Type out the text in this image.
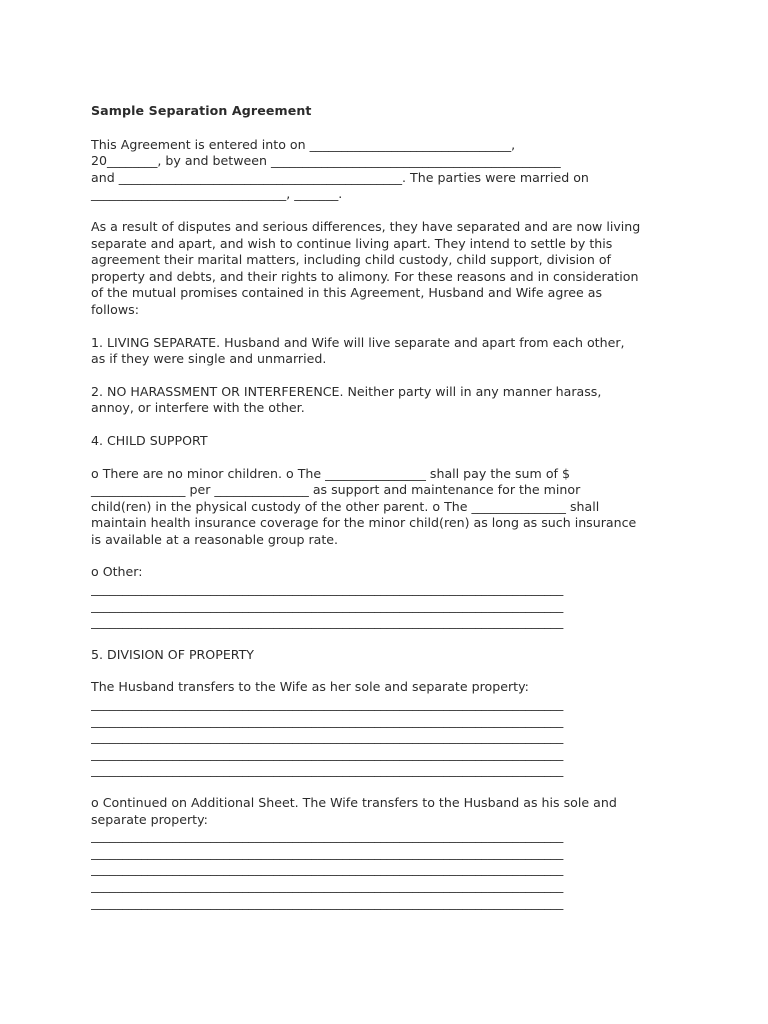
Sample Separation Agreement
This Agreement is entered into on ________________________________,
20________, by and between ______________________________________________
and _____________________________________________. The parties were married on
_______________________________, _______.
As a result of disputes and serious differences, they have separated and are now living
separate and apart, and wish to continue living apart. They intend to settle by this
agreement their marital matters, including child custody, child support, division of
property and debts, and their rights to alimony. For these reasons and in consideration
of the mutual promises contained in this Agreement, Husband and Wife agree as
follows:
1. LIVING SEPARATE. Husband and Wife will live separate and apart from each other,
as if they were single and unmarried.
2. NO HARASSMENT OR INTERFERENCE. Neither party will in any manner harass,
annoy, or interfere with the other.
4. CHILD SUPPORT
o There are no minor children. o The ________________ shall pay the sum of $
_______________ per _______________ as support and maintenance for the minor
child(ren) in the physical custody of the other parent. o The _______________ shall
maintain health insurance coverage for the minor child(ren) as long as such insurance
is available at a reasonable group rate.
o Other:
___________________________________________________________________________
___________________________________________________________________________
___________________________________________________________________________
5. DIVISION OF PROPERTY
The Husband transfers to the Wife as her sole and separate property:
___________________________________________________________________________
___________________________________________________________________________
___________________________________________________________________________
___________________________________________________________________________
___________________________________________________________________________
o Continued on Additional Sheet. The Wife transfers to the Husband as his sole and
separate property:
___________________________________________________________________________
___________________________________________________________________________
___________________________________________________________________________
___________________________________________________________________________
___________________________________________________________________________
